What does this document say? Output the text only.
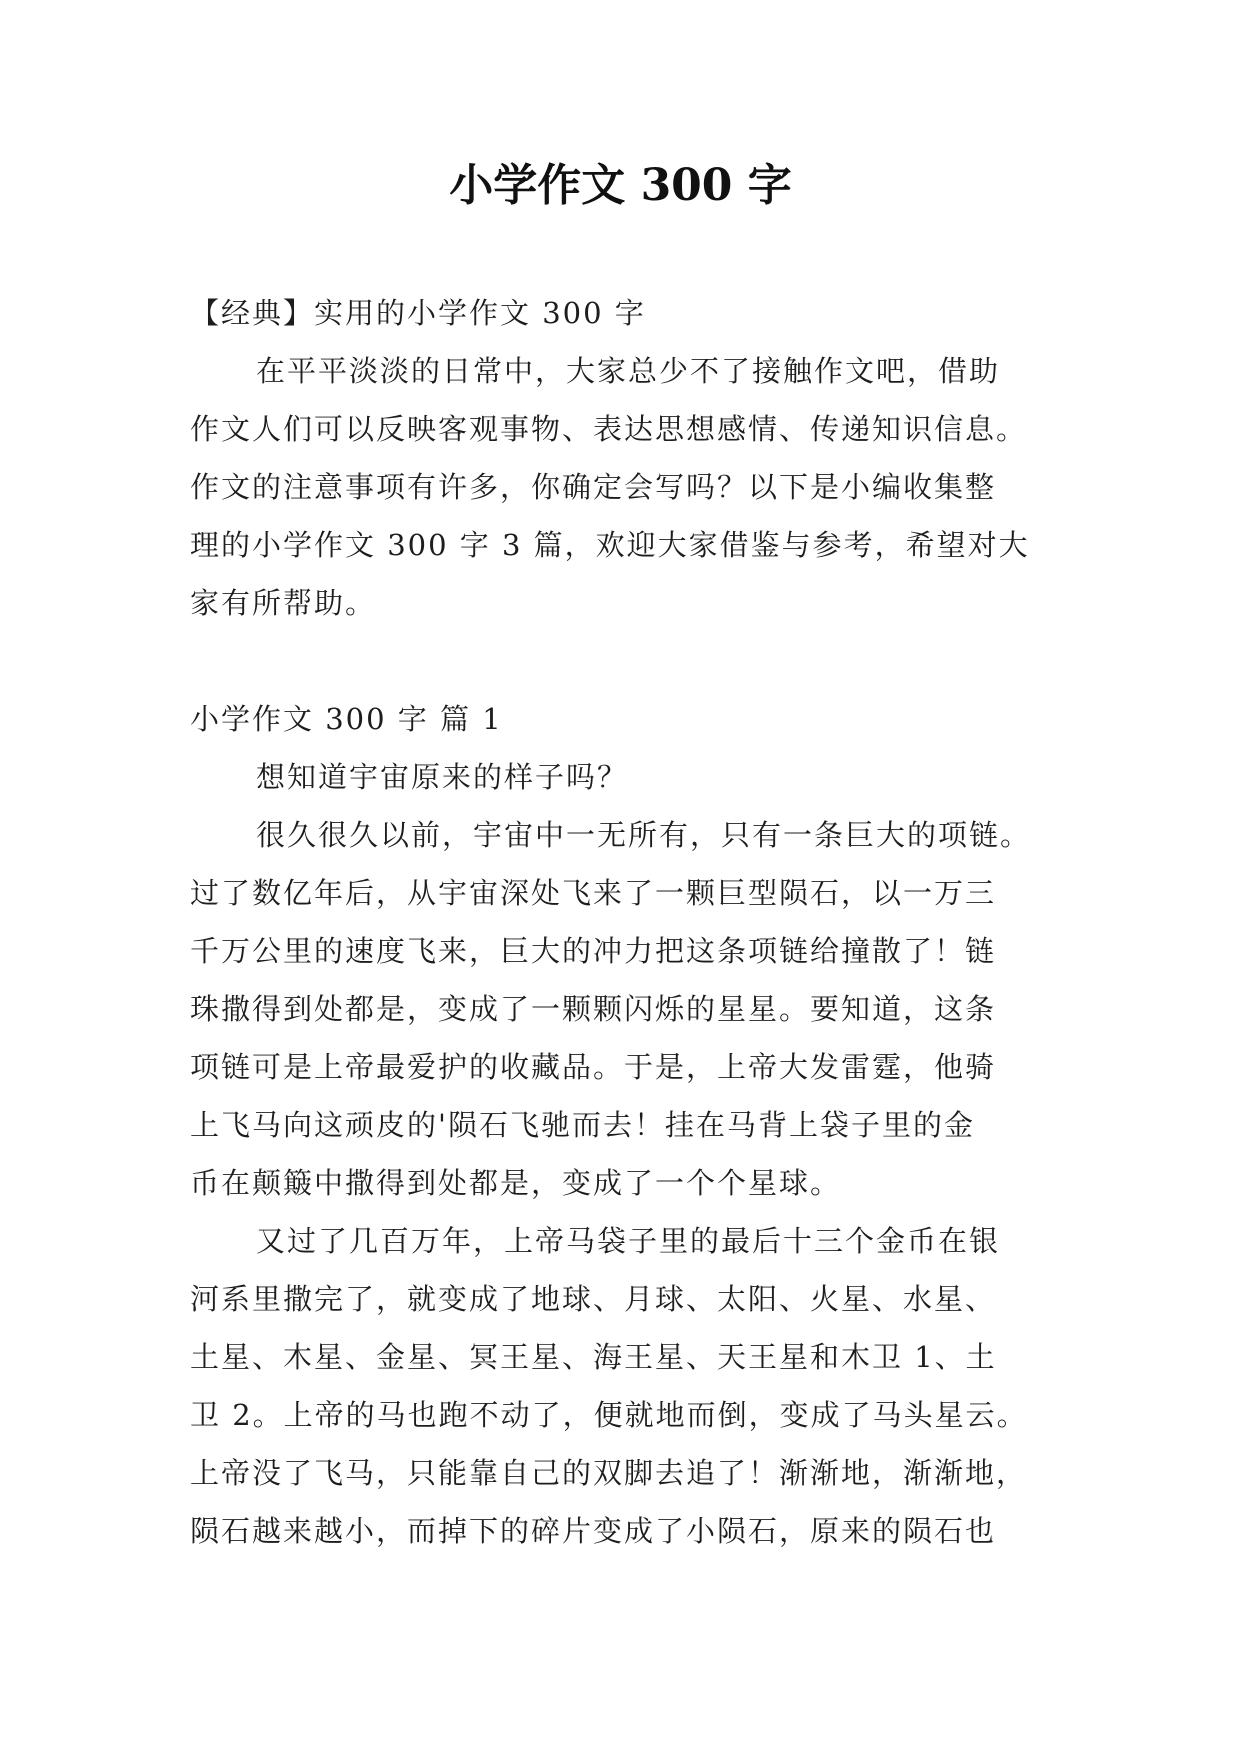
小学作文 300 字

【经典】实用的小学作文 300 字

在平平淡淡的日常中，大家总少不了接触作文吧，借助

作文人们可以反映客观事物、表达思想感情、传递知识信息。

作文的注意事项有许多，你确定会写吗？以下是小编收集整

理的小学作文 300 字 3 篇，欢迎大家借鉴与参考，希望对大

家有所帮助。

小学作文 300 字 篇 1

想知道宇宙原来的样子吗？

很久很久以前，宇宙中一无所有，只有一条巨大的项链。

过了数亿年后，从宇宙深处飞来了一颗巨型陨石，以一万三

千万公里的速度飞来，巨大的冲力把这条项链给撞散了！链

珠撒得到处都是，变成了一颗颗闪烁的星星。要知道，这条

项链可是上帝最爱护的收藏品。于是，上帝大发雷霆，他骑

上飞马向这顽皮的'陨石飞驰而去！挂在马背上袋子里的金

币在颠簸中撒得到处都是，变成了一个个星球。

又过了几百万年，上帝马袋子里的最后十三个金币在银

河系里撒完了，就变成了地球、月球、太阳、火星、水星、

土星、木星、金星、冥王星、海王星、天王星和木卫 1、土

卫 2。上帝的马也跑不动了，便就地而倒，变成了马头星云。

上帝没了飞马，只能靠自己的双脚去追了！渐渐地，渐渐地，

陨石越来越小，而掉下的碎片变成了小陨石，原来的陨石也
